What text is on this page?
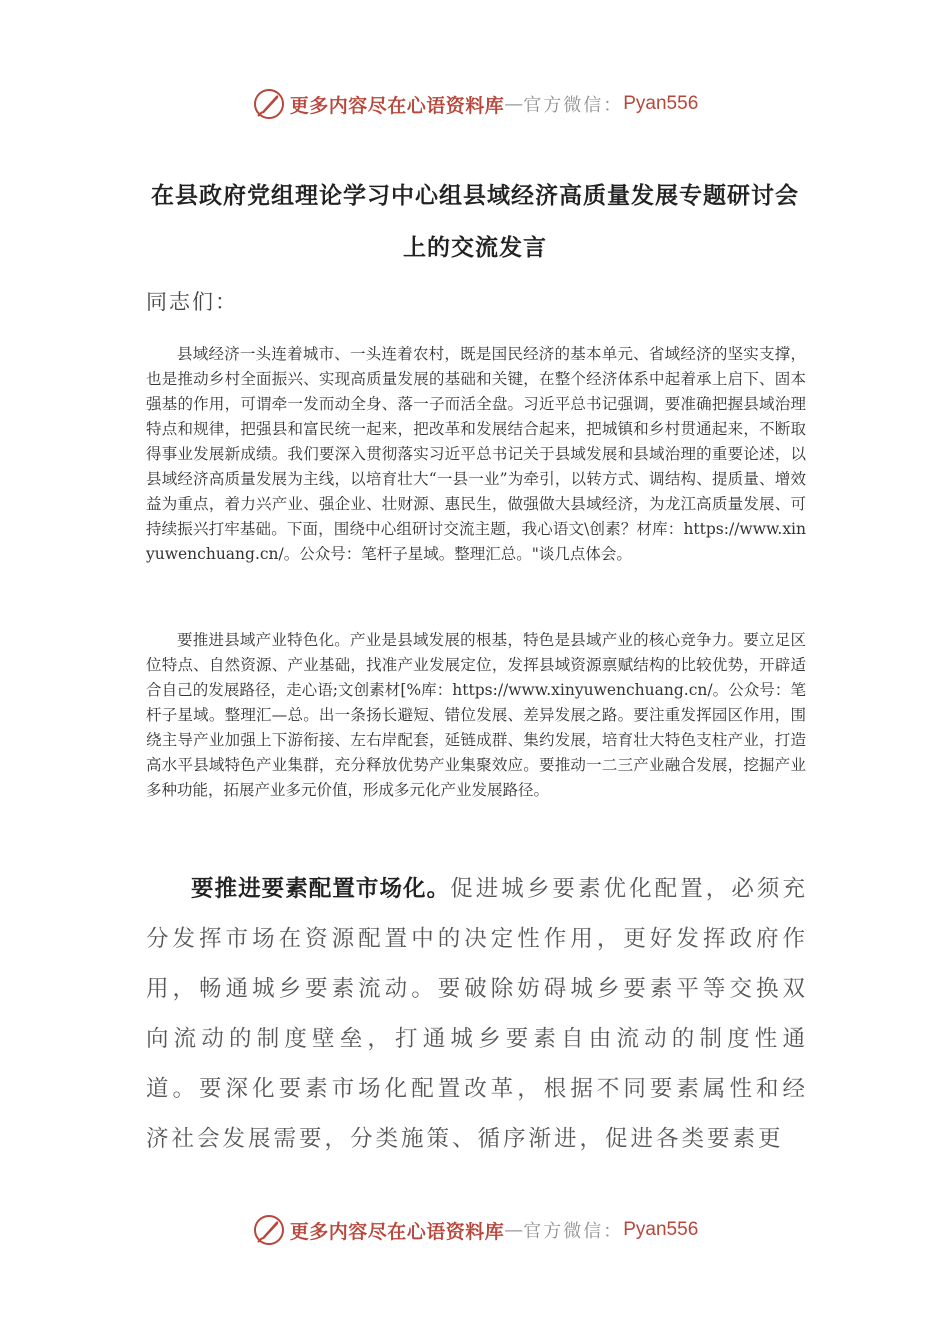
更多内容尽在心语资料库 — 官方微信： Pyan556
在县政府党组理论学习中心组县域经济高质量发展专题研讨会上的交流发言
同志们：

县域经济一头连着城市、一头连着农村，既是国民经济的基本单元、省域经济的坚实支撑，也是推动乡村全面振兴、实现高质量发展的基础和关键，在整个经济体系中起着承上启下、固本强基的作用，可谓牵一发而动全身、落一子而活全盘。习近平总书记强调，要准确把握县域治理特点和规律，把强县和富民统一起来，把改革和发展结合起来，把城镇和乡村贯通起来，不断取得事业发展新成绩。我们要深入贯彻落实习近平总书记关于县域发展和县域治理的重要论述，以县域经济高质量发展为主线，以培育壮大“一县一业”为牵引，以转方式、调结构、提质量、增效益为重点，着力兴产业、强企业、壮财源、惠民生，做强做大县域经济，为龙江高质量发展、可持续振兴打牢基础。下面，围绕中心组研讨交流主题，我心语文\创素？材库：https://www.xinyuwenchuang.cn/。公众号：笔杆子星域。整理汇总。"谈几点体会。

要推进县域产业特色化。产业是县域发展的根基，特色是县域产业的核心竞争力。要立足区位特点、自然资源、产业基础，找准产业发展定位，发挥县域资源禀赋结构的比较优势，开辟适合自己的发展路径，走心语;文创素材[%库：https://www.xinyuwenchuang.cn/。公众号：笔杆子星域。整理汇—总。出一条扬长避短、错位发展、差异发展之路。要注重发挥园区作用，围绕主导产业加强上下游衔接、左右岸配套，延链成群、集约发展，培育壮大特色支柱产业，打造高水平县域特色产业集群，充分释放优势产业集聚效应。要推动一二三产业融合发展，挖掘产业多种功能，拓展产业多元价值，形成多元化产业发展路径。

要推进要素配置市场化。促进城乡要素优化配置，必须充分发挥市场在资源配置中的决定性作用，更好发挥政府作用，畅通城乡要素流动。要破除妨碍城乡要素平等交换双向流动的制度壁垒，打通城乡要素自由流动的制度性通道。要深化要素市场化配置改革，根据不同要素属性和经济社会发展需要，分类施策、循序渐进，促进各类要素更

更多内容尽在心语资料库 — 官方微信： Pyan556
